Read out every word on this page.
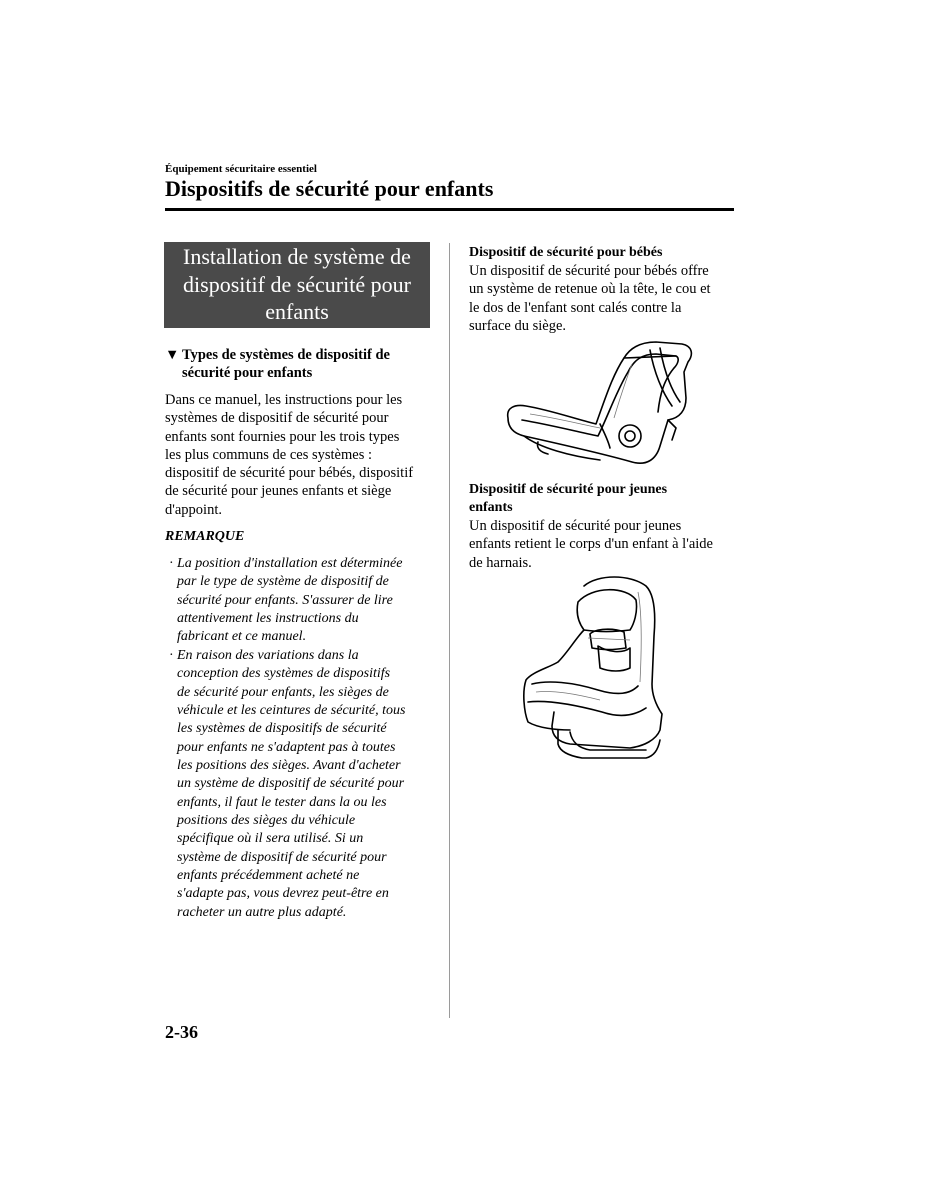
Équipement sécuritaire essentiel
Dispositifs de sécurité pour enfants
Installation de système de
dispositif de sécurité pour
enfants
▼ Types de systèmes de dispositif de
sécurité pour enfants
Dans ce manuel, les instructions pour les
systèmes de dispositif de sécurité pour
enfants sont fournies pour les trois types
les plus communs de ces systèmes :
dispositif de sécurité pour bébés, dispositif
de sécurité pour jeunes enfants et siège
d'appoint.
REMARQUE
· La position d'installation est déterminée
par le type de système de dispositif de
sécurité pour enfants. S'assurer de lire
attentivement les instructions du
fabricant et ce manuel.
· En raison des variations dans la
conception des systèmes de dispositifs
de sécurité pour enfants, les sièges de
véhicule et les ceintures de sécurité, tous
les systèmes de dispositifs de sécurité
pour enfants ne s'adaptent pas à toutes
les positions des sièges. Avant d'acheter
un système de dispositif de sécurité pour
enfants, il faut le tester dans la ou les
positions des sièges du véhicule
spécifique où il sera utilisé. Si un
système de dispositif de sécurité pour
enfants précédemment acheté ne
s'adapte pas, vous devrez peut-être en
racheter un autre plus adapté.
Dispositif de sécurité pour bébés
Un dispositif de sécurité pour bébés offre
un système de retenue où la tête, le cou et
le dos de l'enfant sont calés contre la
surface du siège.
Dispositif de sécurité pour jeunes
enfants
Un dispositif de sécurité pour jeunes
enfants retient le corps d'un enfant à l'aide
de harnais.
2-36
